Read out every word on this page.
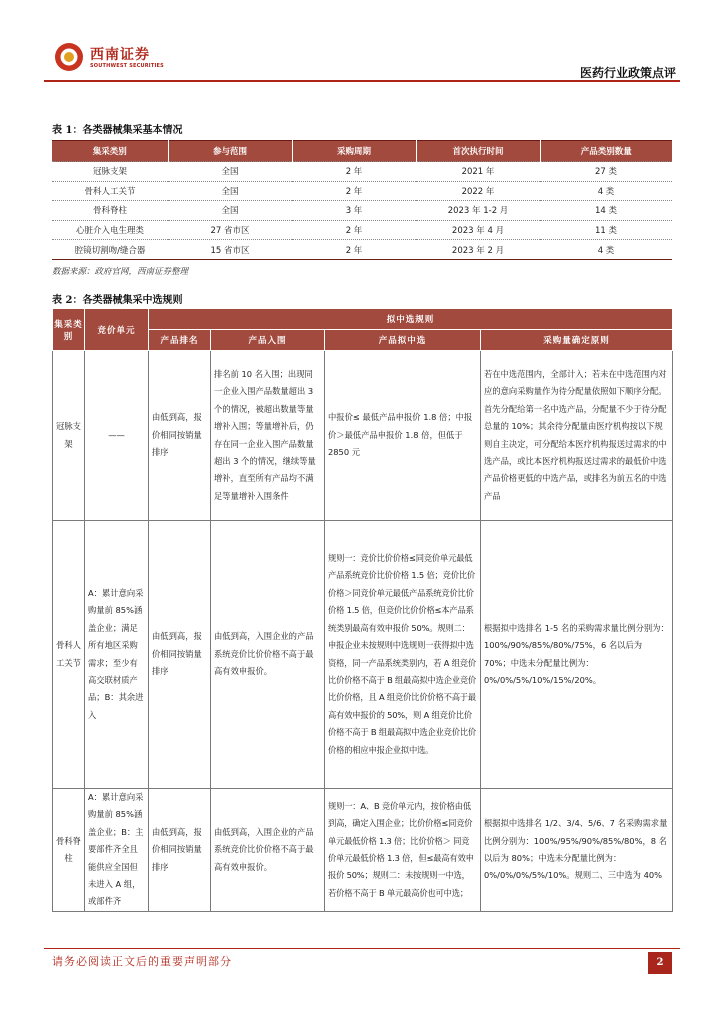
西南证券
SOUTHWEST SECURITIES	医药行业政策点评
表 1：各类器械集采基本情况
集采类别	参与范围	采购周期	首次执行时间	产品类别数量
冠脉支架	全国	2 年	2021 年	27 类
骨科人工关节	全国	2 年	2022 年	4 类
骨科脊柱	全国	3 年	2023 年 1-2 月	14 类
心脏介入电生理类	27 省市区	2 年	2023 年 4 月	11 类
腔镜切割吻/缝合器	15 省市区	2 年	2023 年 2 月	4 类
数据来源：政府官网，西南证券整理
表 2：各类器械集采中选规则
集采类别	竞价单元	拟中选规则			
		产品排名	产品入围	产品拟中选	采购量确定原则
冠脉支架	——	由低到高，报价相同按销量排序	排名前 10 名入围；出现同一企业入围产品数量超出 3 个的情况，被超出数量等量增补入围；等量增补后，仍存在同一企业入围产品数量超出 3 个的情况，继续等量增补，直至所有产品均不满足等量增补入围条件	中报价≤ 最低产品申报价 1.8 倍；中报价＞最低产品申报价 1.8 倍，但低于 2850 元	若在中选范围内，全部计入；若未在中选范围内对应的意向采购量作为待分配量依照如下顺序分配。首先分配给第一名中选产品，分配量不少于待分配总量的 10%；其余待分配量由医疗机构按以下规则自主决定，可分配给本医疗机构报送过需求的中选产品，或比本医疗机构报送过需求的最低价中选产品价格更低的中选产品，或排名为前五名的中选产品
骨科人工关节	A：累计意向采购量前 85%涵盖企业；满足所有地区采购需求；至少有高交联材质产品；B：其余进入	由低到高，报价相同按销量排序	由低到高，入围企业的产品系统竞价比价价格不高于最高有效申报价。	规则一：竞价比价价格≤同竞价单元最低产品系统竞价比价价格 1.5 倍；竞价比价价格＞同竞价单元最低产品系统竞价比价价格 1.5 倍，但竞价比价价格≤本产品系统类别最高有效申报价 50%。规则二：申报企业未按规则中选规则一获得拟中选资格，同一产品系统类别内，若 A 组竞价比价价格不高于 B 组最高拟中选企业竞价比价价格，且 A 组竞价比价价格不高于最高有效申报价的 50%，则 A 组竞价比价价格不高于 B 组最高拟中选企业竞价比价价格的相应申报企业拟中选。	根据拟中选排名 1-5 名的采购需求量比例分别为：100%/90%/85%/80%/75%，6 名以后为 70%；中选未分配量比例为：0%/0%/5%/10%/15%/20%。
骨科脊柱	A：累计意向采购量前 85%涵盖企业；B：主要部件齐全且能供应全国但未进入 A 组，或部件齐	由低到高，报价相同按销量排序	由低到高，入围企业的产品系统竞价比价价格不高于最高有效申报价。	规则一：A、B 竞价单元内，按价格由低到高，确定入围企业；比价价格≤同竞价单元最低价格 1.3 倍；比价价格＞ 同竞价单元最低价格 1.3 倍，但≤最高有效申报价 50%；规则二：未按规则一中选，若价格不高于 B 单元最高价也可中选；	根据拟中选排名 1/2、3/4、5/6、7 名采购需求量比例分别为：100%/95%/90%/85%/80%，8 名以后为 80%；中选未分配量比例为：0%/0%/0%/5%/10%。规则二、三中选为 40%
请务必阅读正文后的重要声明部分	2
